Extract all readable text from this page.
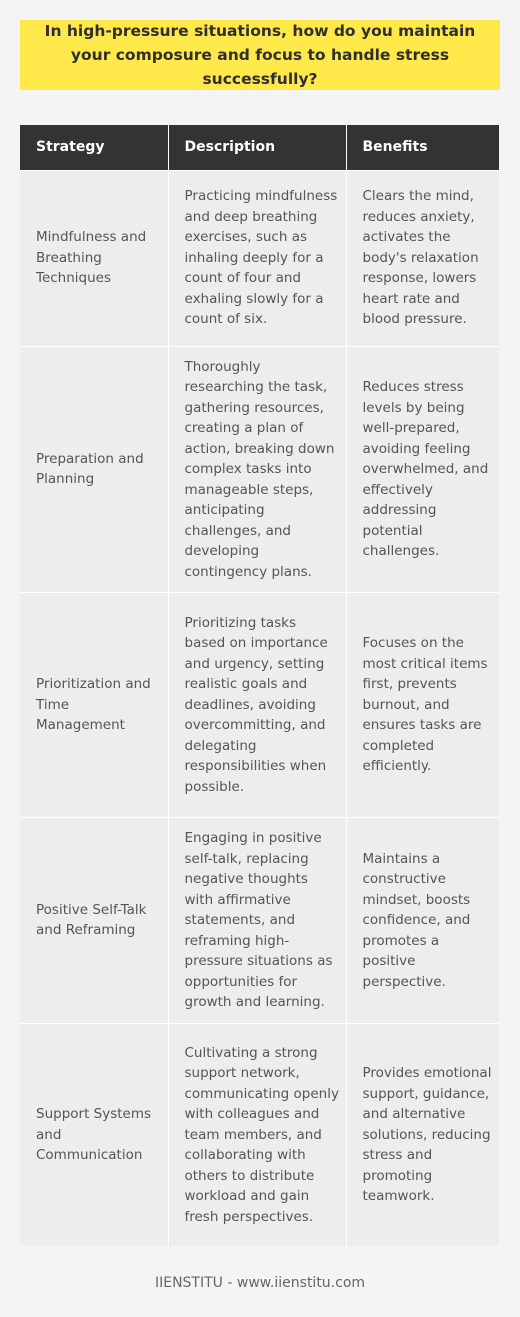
In high-pressure situations, how do you maintain your composure and focus to handle stress successfully?
Strategy	Description	Benefits
Mindfulness and Breathing Techniques	Practicing mindfulness and deep breathing exercises, such as inhaling deeply for a count of four and exhaling slowly for a count of six.	Clears the mind, reduces anxiety, activates the body's relaxation response, lowers heart rate and blood pressure.
Preparation and Planning	Thoroughly researching the task, gathering resources, creating a plan of action, breaking down complex tasks into manageable steps, anticipating challenges, and developing contingency plans.	Reduces stress levels by being well-prepared, avoiding feeling overwhelmed, and effectively addressing potential challenges.
Prioritization and Time Management	Prioritizing tasks based on importance and urgency, setting realistic goals and deadlines, avoiding overcommitting, and delegating responsibilities when possible.	Focuses on the most critical items first, prevents burnout, and ensures tasks are completed efficiently.
Positive Self-Talk and Reframing	Engaging in positive self-talk, replacing negative thoughts with affirmative statements, and reframing high-pressure situations as opportunities for growth and learning.	Maintains a constructive mindset, boosts confidence, and promotes a positive perspective.
Support Systems and Communication	Cultivating a strong support network, communicating openly with colleagues and team members, and collaborating with others to distribute workload and gain fresh perspectives.	Provides emotional support, guidance, and alternative solutions, reducing stress and promoting teamwork.
IIENSTITU - www.iienstitu.com
